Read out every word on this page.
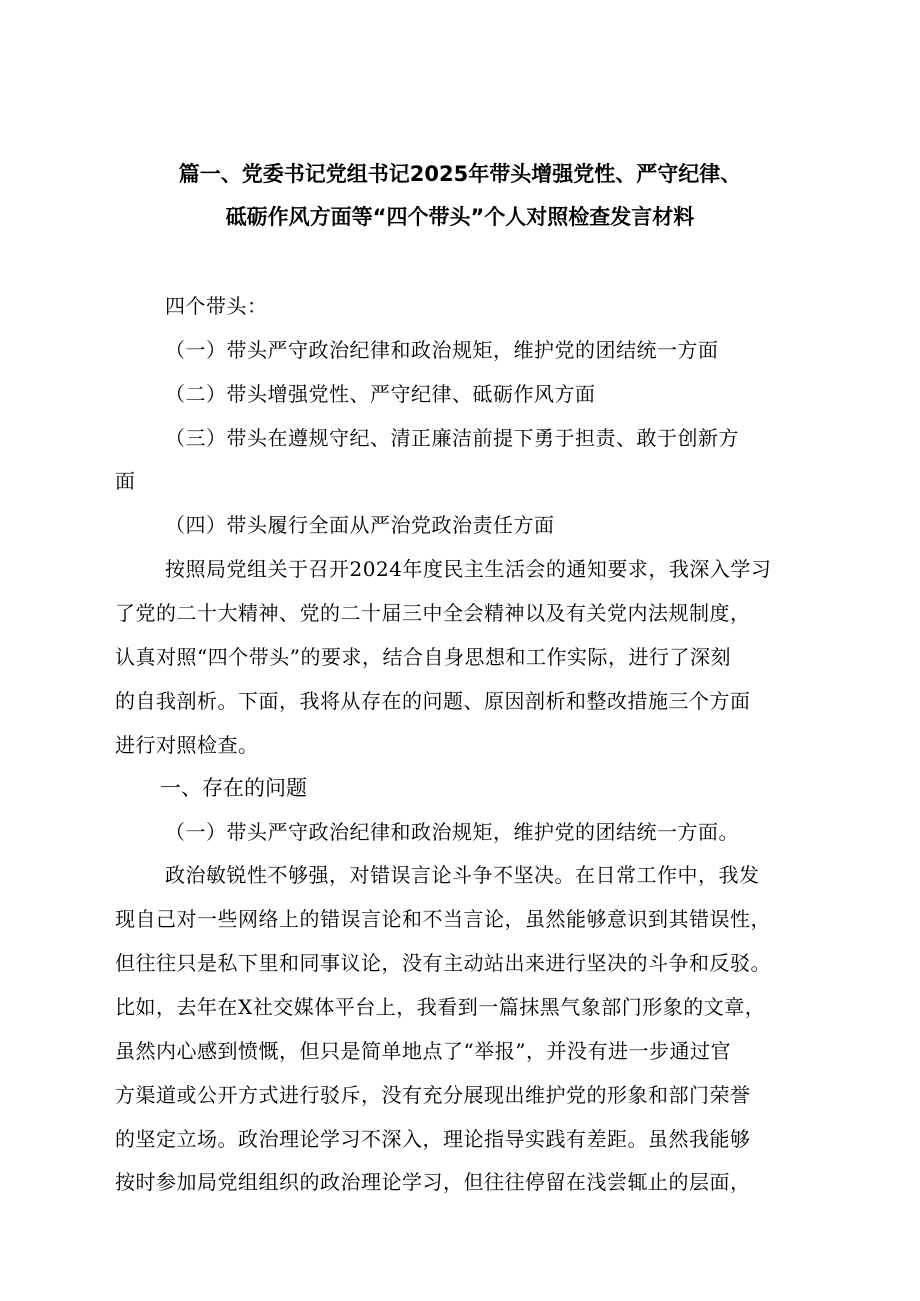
篇一、党委书记党组书记2025年带头增强党性、严守纪律、
砥砺作风方面等“四个带头”个人对照检查发言材料
四个带头：
（一）带头严守政治纪律和政治规矩，维护党的团结统一方面
（二）带头增强党性、严守纪律、砥砺作风方面
（三）带头在遵规守纪、清正廉洁前提下勇于担责、敢于创新方
面
（四）带头履行全面从严治党政治责任方面
按照局党组关于召开2024年度民主生活会的通知要求，我深入学习
了党的二十大精神、党的二十届三中全会精神以及有关党内法规制度，
认真对照“四个带头”的要求，结合自身思想和工作实际，进行了深刻
的自我剖析。下面，我将从存在的问题、原因剖析和整改措施三个方面
进行对照检查。
一、存在的问题
（一）带头严守政治纪律和政治规矩，维护党的团结统一方面。
政治敏锐性不够强，对错误言论斗争不坚决。在日常工作中，我发
现自己对一些网络上的错误言论和不当言论，虽然能够意识到其错误性，
但往往只是私下里和同事议论，没有主动站出来进行坚决的斗争和反驳。
比如，去年在X社交媒体平台上，我看到一篇抹黑气象部门形象的文章，
虽然内心感到愤慨，但只是简单地点了“举报”，并没有进一步通过官
方渠道或公开方式进行驳斥，没有充分展现出维护党的形象和部门荣誉
的坚定立场。政治理论学习不深入，理论指导实践有差距。虽然我能够
按时参加局党组组织的政治理论学习，但往往停留在浅尝辄止的层面，
